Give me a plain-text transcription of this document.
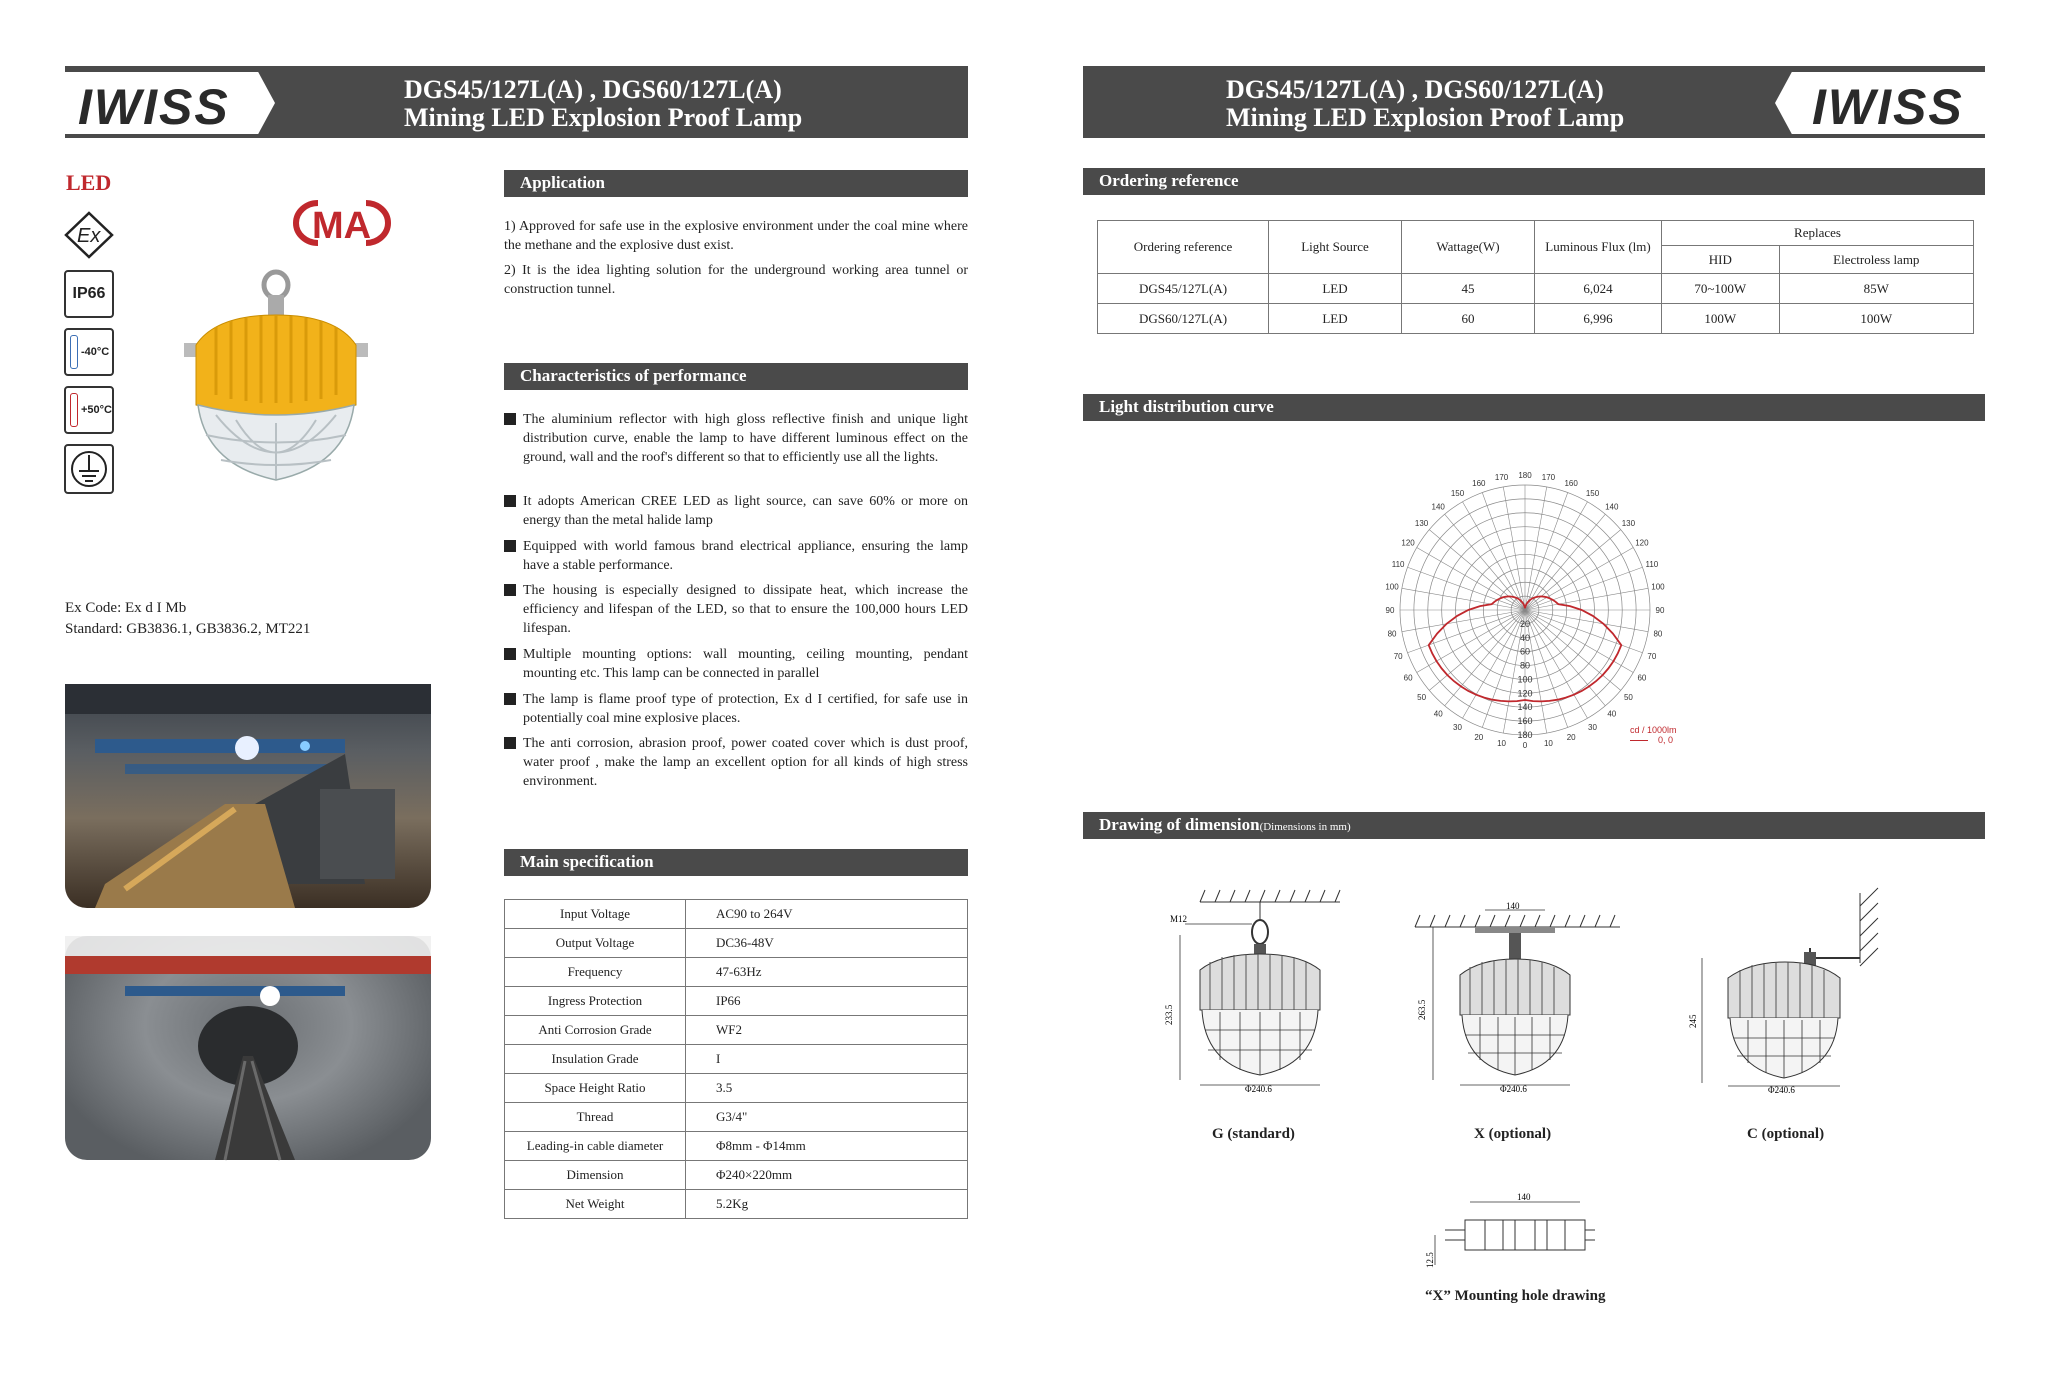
IWISS	DGS45/127L(A) , DGS60/127L(A)
Mining LED Explosion Proof Lamp
LED
Ex
IP66
-40°C
+50°C
MA
Ex Code: Ex d I Mb
Standard: GB3836.1, GB3836.2, MT221
Application
1) Approved for safe use in the explosive environment under the coal mine where the methane and the explosive dust exist.
2) It is the idea lighting solution for the underground working area tunnel or construction tunnel.
Characteristics of performance
The aluminium reflector with high gloss reflective finish and unique light distribution curve, enable the lamp to have different luminous effect on the ground, wall and the roof's different so that to efficiently use all the lights.
It adopts American CREE LED as light source, can save 60% or more on energy than the metal halide lamp
Equipped with world famous brand electrical appliance, ensuring the lamp have a stable performance.
The housing is especially designed to dissipate heat, which increase the efficiency and lifespan of the LED, so that to ensure the 100,000 hours LED lifespan.
Multiple mounting options: wall mounting, ceiling mounting, pendant mounting etc. This lamp can be connected in parallel
The lamp is flame proof type of protection, Ex d I certified, for safe use in potentially coal mine explosive places.
The anti corrosion, abrasion proof, power coated cover which is dust proof, water proof , make the lamp an excellent option for all kinds of high stress environment.
Main specification
Input Voltage	AC90 to 264V
Output Voltage	DC36-48V
Frequency	47-63Hz
Ingress Protection	IP66
Anti Corrosion Grade	WF2
Insulation Grade	I
Space Height Ratio	3.5
Thread	G3/4"
Leading-in cable diameter	Φ8mm - Φ14mm
Dimension	Φ240×220mm
Net Weight	5.2Kg
IWISS
DGS45/127L(A) , DGS60/127L(A)
Mining LED Explosion Proof Lamp
Ordering reference
Ordering reference	Light Source	Wattage(W)	Luminous Flux (lm)	Replaces	
				HID	Electroless lamp
DGS45/127L(A)	LED	45	6,024	70~100W	85W
DGS60/127L(A)	LED	60	6,996	100W	100W
Light distribution curve
0
10	10
20	20
30	30
40	40
50	50
60	60
70	70
80	80
90	90
100	100
110	110
120	120
130	130
140	140
150	150
160	160
170	170
180
20
40
60
80
100
120
140
160
180	cd / 1000lm
0, 0
Drawing of dimension(Dimensions in mm)
M12
233.5
Φ240.6
G (standard)
140
263.5
Φ240.6
X (optional)
245
Φ240.6
C (optional)
140
12.5
“X” Mounting hole drawing
